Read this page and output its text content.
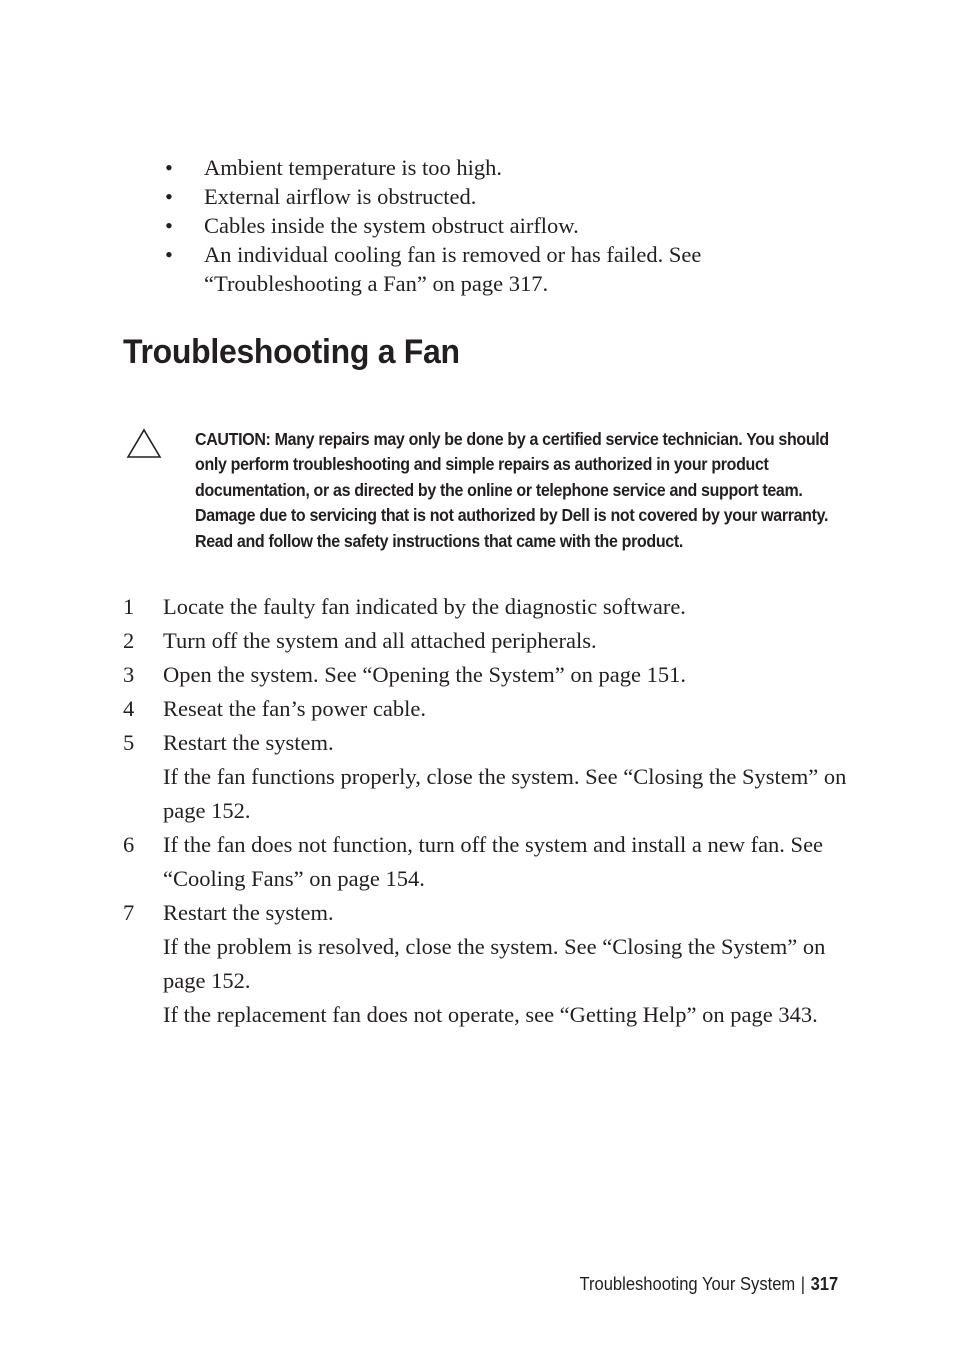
• Ambient temperature is too high.
• External airflow is obstructed.
• Cables inside the system obstruct airflow.
• An individual cooling fan is removed or has failed. See “Troubleshooting a Fan” on page 317.
Troubleshooting a Fan
CAUTION: Many repairs may only be done by a certified service technician. You should only perform troubleshooting and simple repairs as authorized in your product documentation, or as directed by the online or telephone service and support team. Damage due to servicing that is not authorized by Dell is not covered by your warranty. Read and follow the safety instructions that came with the product.
1 Locate the faulty fan indicated by the diagnostic software.

2 Turn off the system and all attached peripherals.

3 Open the system. See “Opening the System” on page 151.

4 Reseat the fan’s power cable.

5 Restart the system.

If the fan functions properly, close the system. See “Closing the System” on page 152.

6 If the fan does not function, turn off the system and install a new fan. See “Cooling Fans” on page 154.

7 Restart the system.

If the problem is resolved, close the system. See “Closing the System” on page 152.

If the replacement fan does not operate, see “Getting Help” on page 343.

Troubleshooting Your System | 317
